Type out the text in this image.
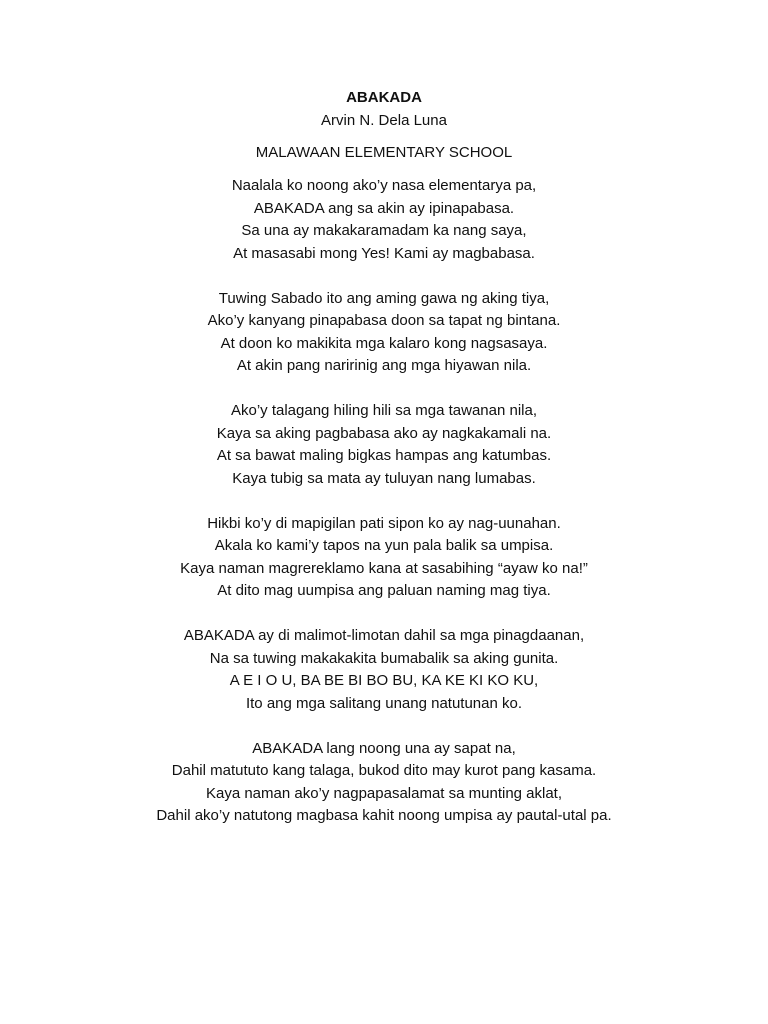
ABAKADA
Arvin N. Dela Luna
MALAWAAN ELEMENTARY SCHOOL
Naalala ko noong ako’y nasa elementarya pa,
ABAKADA ang sa akin ay ipinapabasa.
Sa una ay makakaramadam ka nang saya,
At masasabi mong Yes! Kami ay magbabasa.
Tuwing Sabado ito ang aming gawa ng aking tiya,
Ako’y kanyang pinapabasa doon sa tapat ng bintana.
At doon ko makikita mga kalaro kong nagsasaya.
At akin pang naririnig ang mga hiyawan nila.
Ako’y talagang hiling hili sa mga tawanan nila,
Kaya sa aking pagbabasa ako ay nagkakamali na.
At sa bawat maling bigkas hampas ang katumbas.
Kaya tubig sa mata ay tuluyan nang lumabas.
Hikbi ko’y di mapigilan pati sipon ko ay nag-uunahan.
Akala ko kami’y tapos na yun pala balik sa umpisa.
Kaya naman magrereklamo kana at sasabihing “ayaw ko na!”
At dito mag uumpisa ang paluan naming mag tiya.
ABAKADA ay di malimot-limotan dahil sa mga pinagdaanan,
Na sa tuwing makakakita bumabalik sa aking gunita.
A E I O U, BA BE BI BO BU, KA KE KI KO KU,
Ito ang mga salitang unang natutunan ko.
ABAKADA lang noong una ay sapat na,
Dahil matututo kang talaga, bukod dito may kurot pang kasama.
Kaya naman ako’y nagpapasalamat sa munting aklat,
Dahil ako’y natutong magbasa kahit noong umpisa ay pautal-utal pa.
